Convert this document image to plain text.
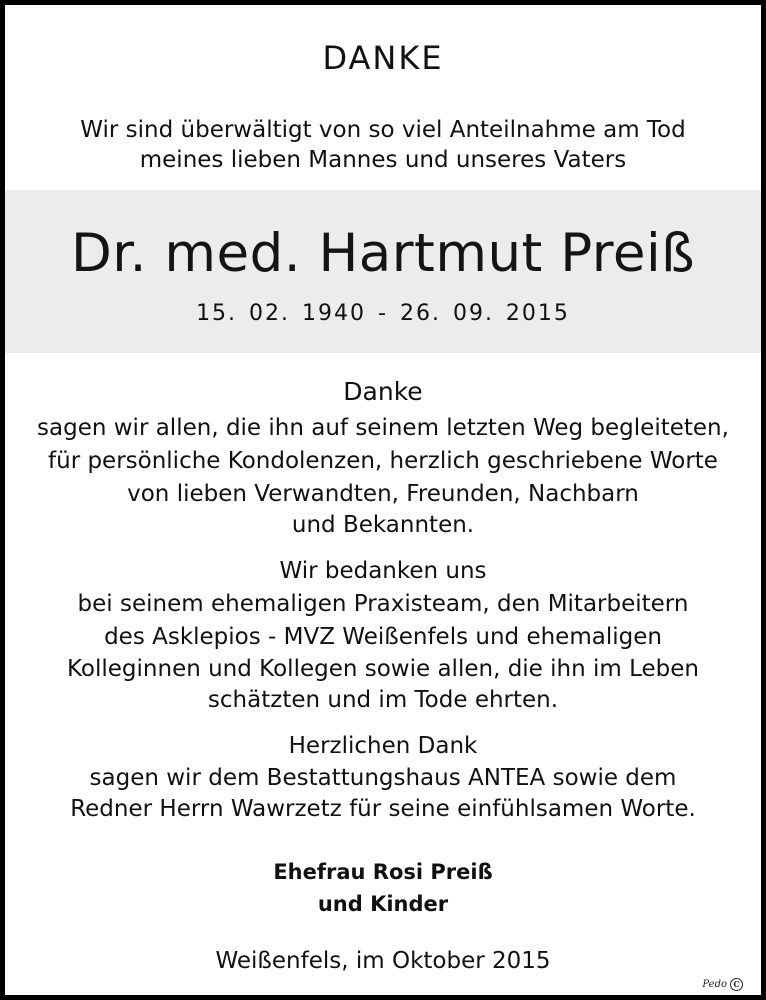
DANKE
Wir sind überwältigt von so viel Anteilnahme am Tod
meines lieben Mannes und unseres Vaters
Dr. med. Hartmut Preiß
15. 02. 1940 - 26. 09. 2015
Danke
sagen wir allen, die ihn auf seinem letzten Weg begleiteten,
für persönliche Kondolenzen, herzlich geschriebene Worte
von lieben Verwandten, Freunden, Nachbarn
und Bekannten.
Wir bedanken uns
bei seinem ehemaligen Praxisteam, den Mitarbeitern
des Asklepios - MVZ Weißenfels und ehemaligen
Kolleginnen und Kollegen sowie allen, die ihn im Leben
schätzten und im Tode ehrten.
Herzlichen Dank
sagen wir dem Bestattungshaus ANTEA sowie dem
Redner Herrn Wawrzetz für seine einfühlsamen Worte.
Ehefrau Rosi Preiß
und Kinder
Weißenfels, im Oktober 2015
Pedo C
